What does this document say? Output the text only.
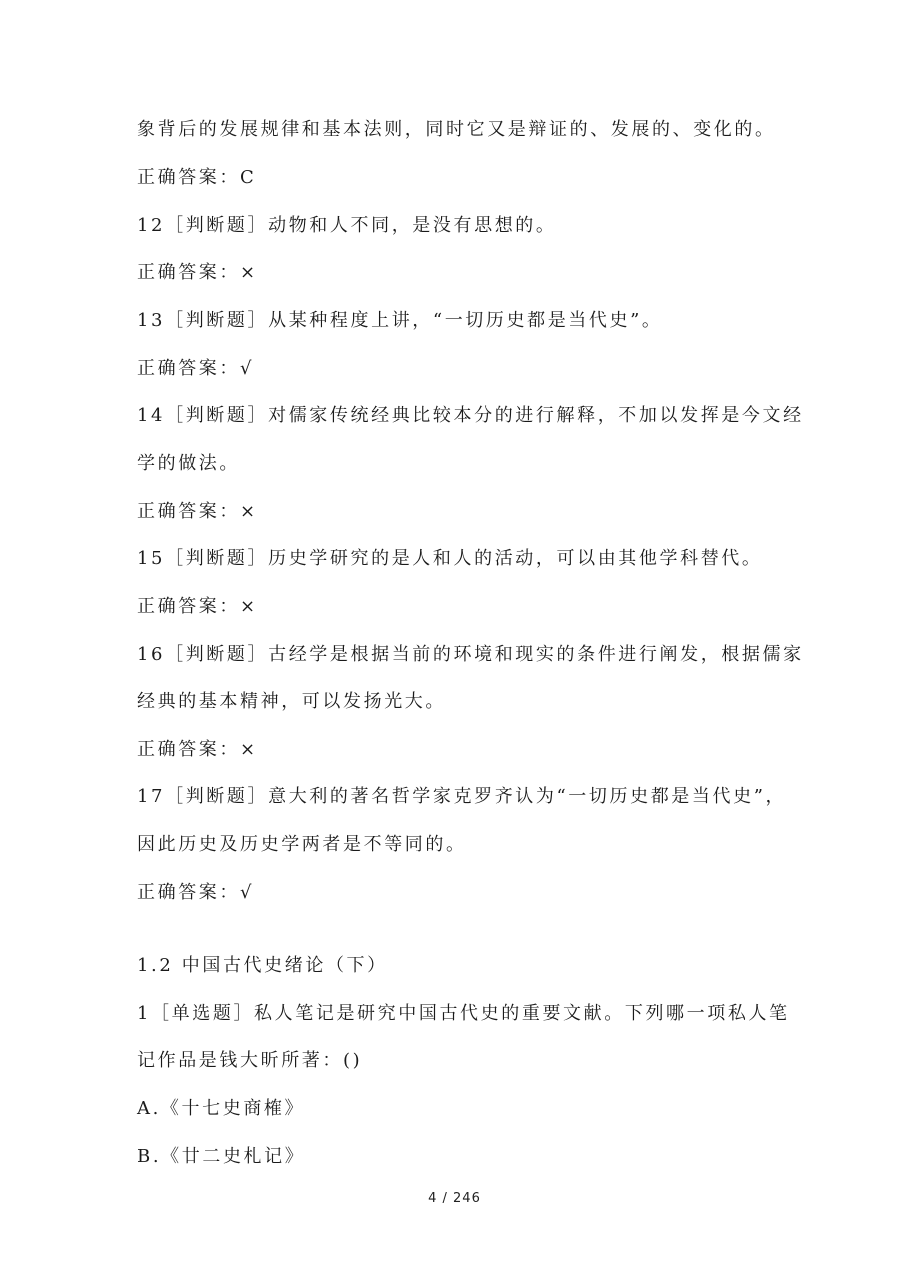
象背后的发展规律和基本法则，同时它又是辩证的、发展的、变化的。
正确答案：C
12［判断题］动物和人不同，是没有思想的。
正确答案：×
13［判断题］从某种程度上讲，“一切历史都是当代史”。
正确答案：√
14［判断题］对儒家传统经典比较本分的进行解释，不加以发挥是今文经
学的做法。
正确答案：×
15［判断题］历史学研究的是人和人的活动，可以由其他学科替代。
正确答案：×
16［判断题］古经学是根据当前的环境和现实的条件进行阐发，根据儒家
经典的基本精神，可以发扬光大。
正确答案：×
17［判断题］意大利的著名哲学家克罗齐认为“一切历史都是当代史”，
因此历史及历史学两者是不等同的。
正确答案：√
1.2 中国古代史绪论（下）
1［单选题］私人笔记是研究中国古代史的重要文献。下列哪一项私人笔
记作品是钱大昕所著：()
A.《十七史商榷》
B.《廿二史札记》
4 / 246
